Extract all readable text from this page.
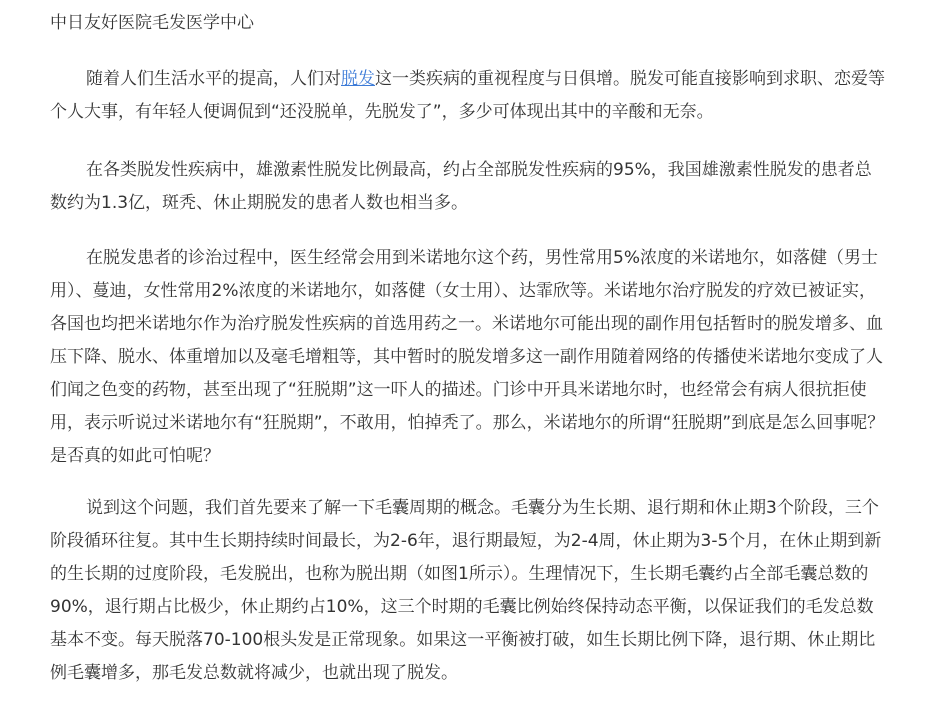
中日友好医院毛发医学中心

随着人们生活水平的提高，人们对脱发这一类疾病的重视程度与日俱增。脱发可能直接影响到求职、恋爱等个人大事，有年轻人便调侃到“还没脱单，先脱发了”，多少可体现出其中的辛酸和无奈。

在各类脱发性疾病中，雄激素性脱发比例最高，约占全部脱发性疾病的95%，我国雄激素性脱发的患者总数约为1.3亿，斑秃、休止期脱发的患者人数也相当多。

在脱发患者的诊治过程中，医生经常会用到米诺地尔这个药，男性常用5%浓度的米诺地尔，如落健（男士用）、蔓迪，女性常用2%浓度的米诺地尔，如落健（女士用）、达霏欣等。米诺地尔治疗脱发的疗效已被证实，各国也均把米诺地尔作为治疗脱发性疾病的首选用药之一。米诺地尔可能出现的副作用包括暂时的脱发增多、血压下降、脱水、体重增加以及毫毛增粗等，其中暂时的脱发增多这一副作用随着网络的传播使米诺地尔变成了人们闻之色变的药物，甚至出现了“狂脱期”这一吓人的描述。门诊中开具米诺地尔时，也经常会有病人很抗拒使用，表示听说过米诺地尔有“狂脱期”，不敢用，怕掉秃了。那么，米诺地尔的所谓“狂脱期”到底是怎么回事呢？是否真的如此可怕呢？

说到这个问题，我们首先要来了解一下毛囊周期的概念。毛囊分为生长期、退行期和休止期3个阶段，三个阶段循环往复。其中生长期持续时间最长，为2-6年，退行期最短，为2-4周，休止期为3-5个月，在休止期到新的生长期的过度阶段，毛发脱出，也称为脱出期（如图1所示）。生理情况下，生长期毛囊约占全部毛囊总数的90%，退行期占比极少，休止期约占10%，这三个时期的毛囊比例始终保持动态平衡，以保证我们的毛发总数基本不变。每天脱落70-100根头发是正常现象。如果这一平衡被打破，如生长期比例下降，退行期、休止期比例毛囊增多，那毛发总数就将减少，也就出现了脱发。
